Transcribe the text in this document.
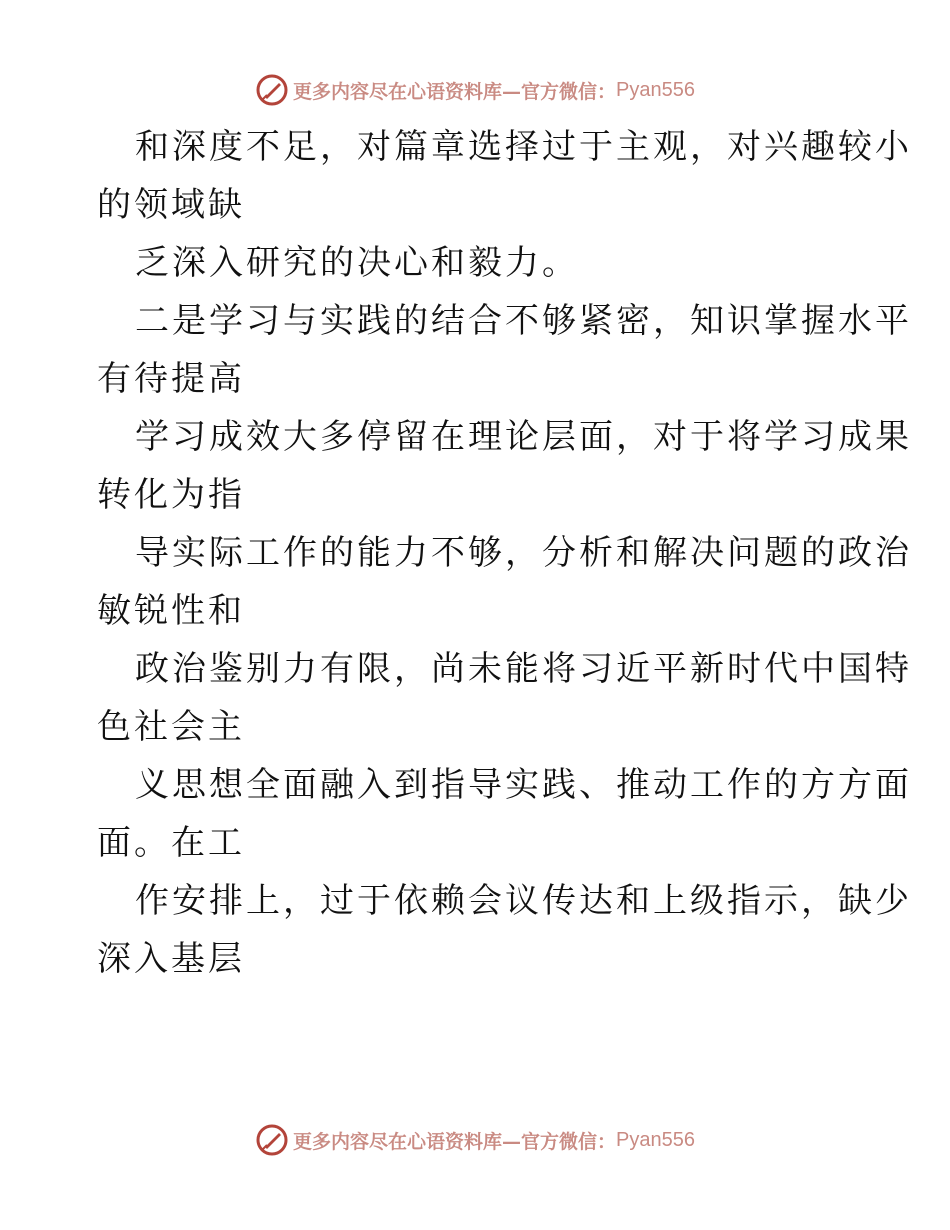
更多内容尽在心语资料库—官方微信： Pyan556
和深度不足，对篇章选择过于主观，对兴趣较小
的领域缺
乏深入研究的决心和毅力。
二是学习与实践的结合不够紧密，知识掌握水平
有待提高
学习成效大多停留在理论层面，对于将学习成果
转化为指
导实际工作的能力不够，分析和解决问题的政治
敏锐性和
政治鉴别力有限，尚未能将习近平新时代中国特
色社会主
义思想全面融入到指导实践、推动工作的方方面
面。在工
作安排上，过于依赖会议传达和上级指示，缺少
深入基层
更多内容尽在心语资料库—官方微信： Pyan556
